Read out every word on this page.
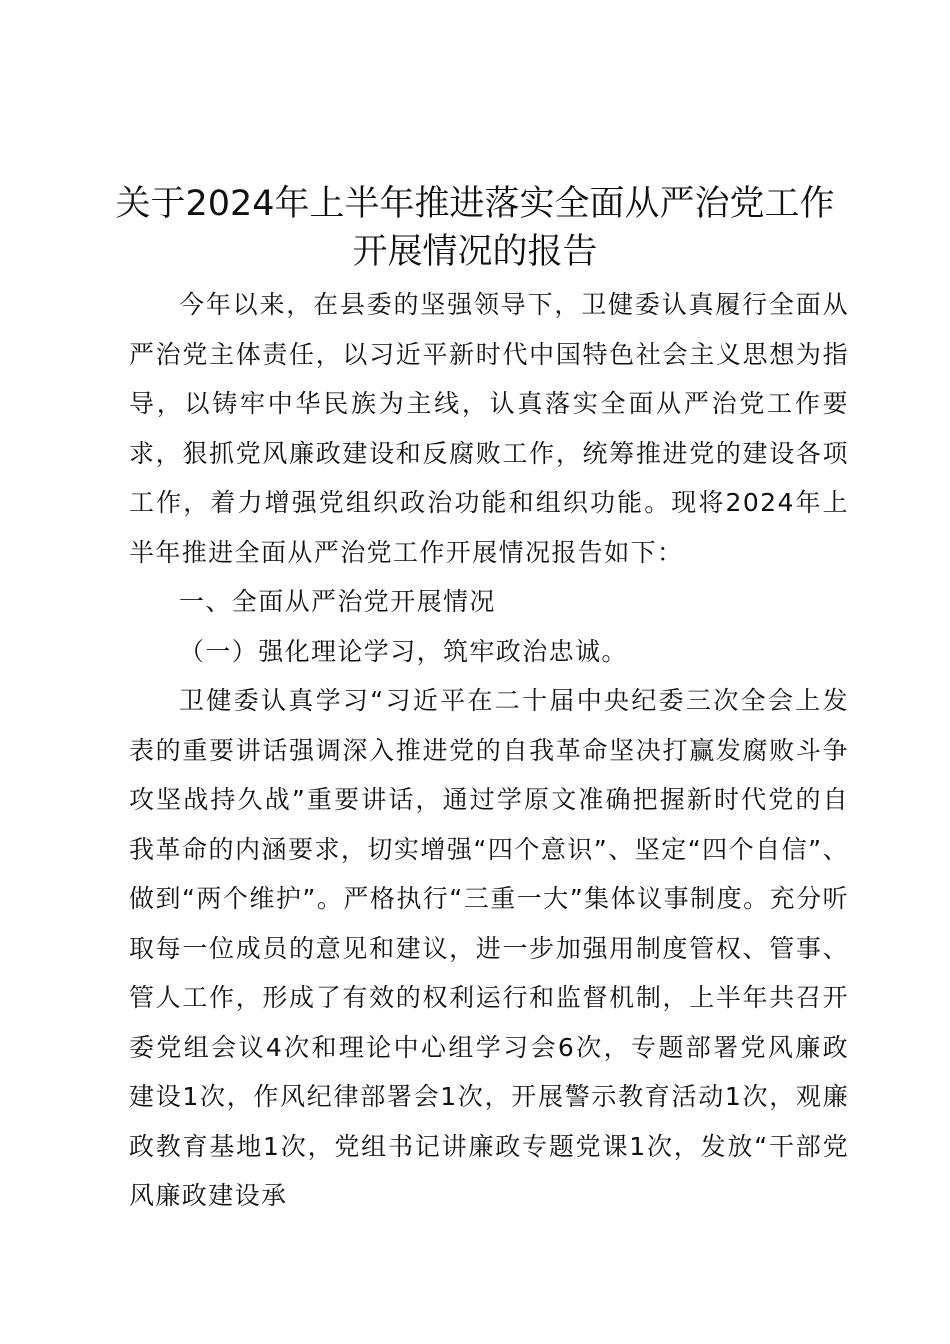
关于2024年上半年推进落实全面从严治党工作
开展情况的报告

今年以来，在县委的坚强领导下，卫健委认真履行全面从严治党主体责任，以习近平新时代中国特色社会主义思想为指导，以铸牢中华民族为主线，认真落实全面从严治党工作要求，狠抓党风廉政建设和反腐败工作，统筹推进党的建设各项工作，着力增强党组织政治功能和组织功能。现将2024年上半年推进全面从严治党工作开展情况报告如下：

一、全面从严治党开展情况

（一）强化理论学习，筑牢政治忠诚。

卫健委认真学习“习近平在二十届中央纪委三次全会上发表的重要讲话强调深入推进党的自我革命坚决打赢发腐败斗争攻坚战持久战”重要讲话，通过学原文准确把握新时代党的自我革命的内涵要求，切实增强“四个意识”、坚定“四个自信”、做到“两个维护”。严格执行“三重一大”集体议事制度。充分听取每一位成员的意见和建议，进一步加强用制度管权、管事、管人工作，形成了有效的权利运行和监督机制，上半年共召开委党组会议4次和理论中心组学习会6次，专题部署党风廉政建设1次，作风纪律部署会1次，开展警示教育活动1次，观廉政教育基地1次，党组书记讲廉政专题党课1次，发放“干部党风廉政建设承
